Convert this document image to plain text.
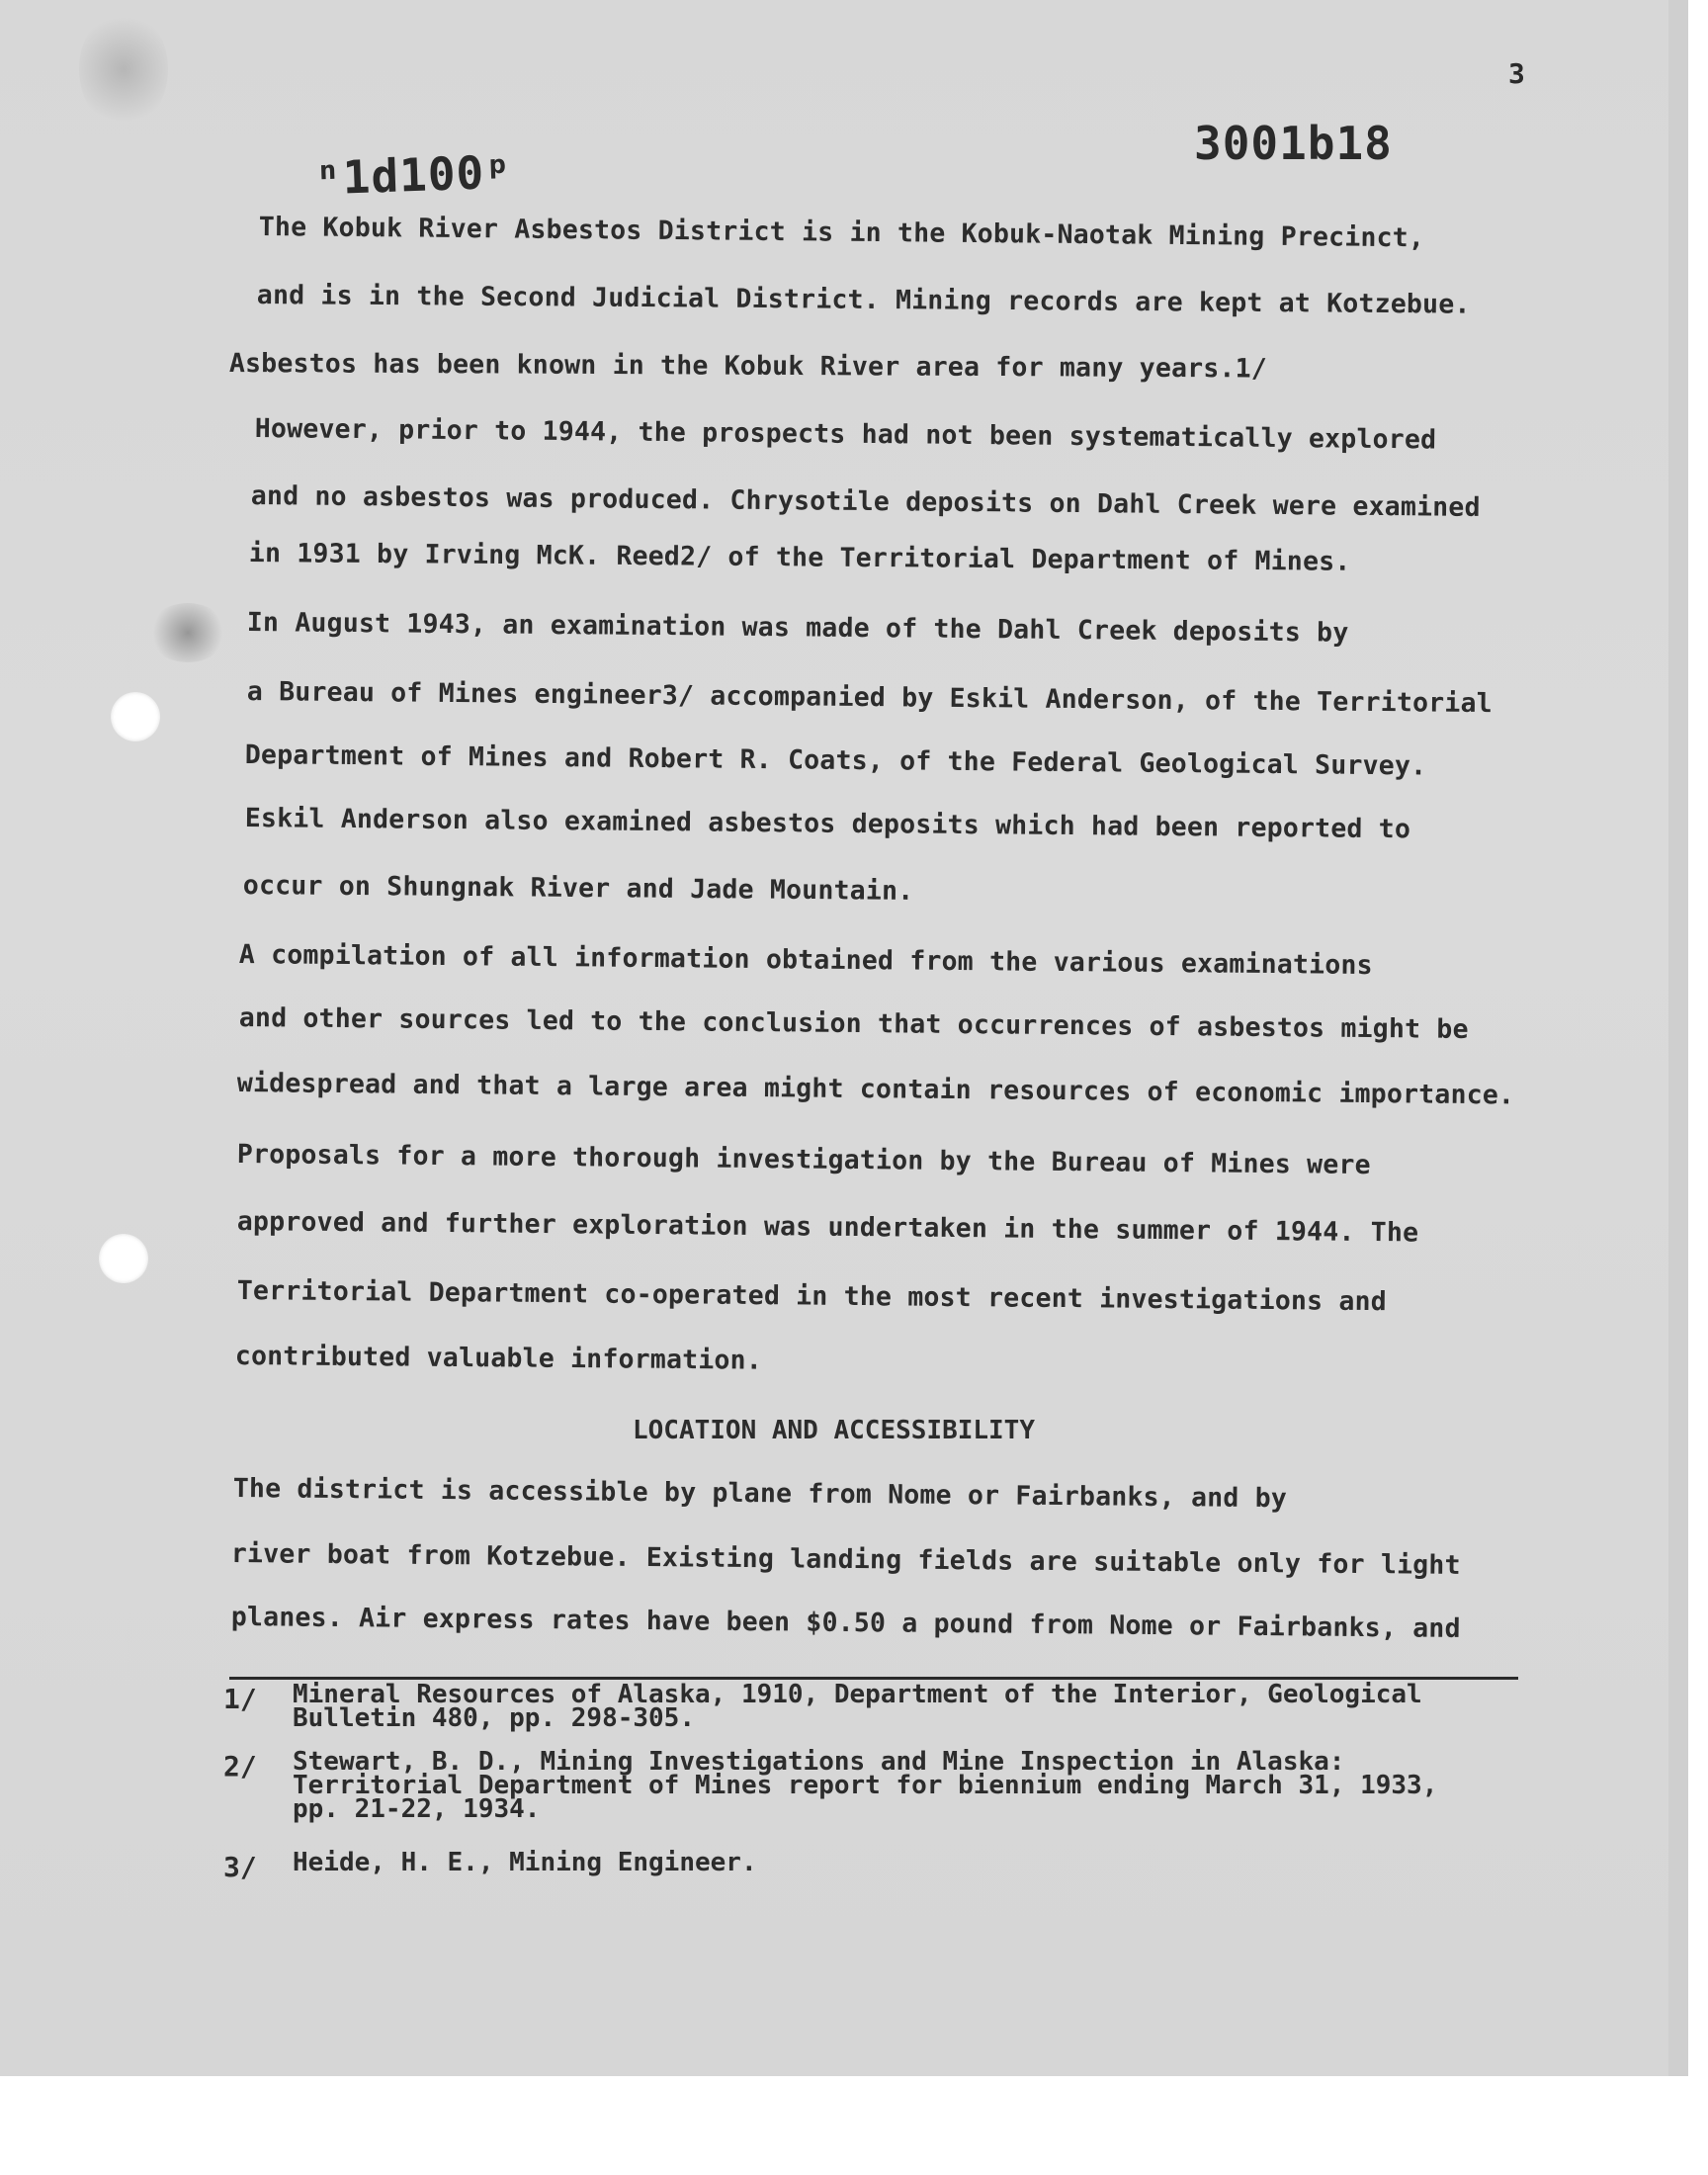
3
ⁿ1d100ᵖ
3001b18
The Kobuk River Asbestos District is in the Kobuk-Naotak Mining Precinct,
and is in the Second Judicial District. Mining records are kept at Kotzebue.
Asbestos has been known in the Kobuk River area for many years.1/
However, prior to 1944, the prospects had not been systematically explored
and no asbestos was produced. Chrysotile deposits on Dahl Creek were examined
in 1931 by Irving McK. Reed2/ of the Territorial Department of Mines.
In August 1943, an examination was made of the Dahl Creek deposits by
a Bureau of Mines engineer3/ accompanied by Eskil Anderson, of the Territorial
Department of Mines and Robert R. Coats, of the Federal Geological Survey.
Eskil Anderson also examined asbestos deposits which had been reported to
occur on Shungnak River and Jade Mountain.
A compilation of all information obtained from the various examinations
and other sources led to the conclusion that occurrences of asbestos might be
widespread and that a large area might contain resources of economic importance.
Proposals for a more thorough investigation by the Bureau of Mines were
approved and further exploration was undertaken in the summer of 1944. The
Territorial Department co-operated in the most recent investigations and
contributed valuable information.
LOCATION AND ACCESSIBILITY
The district is accessible by plane from Nome or Fairbanks, and by
river boat from Kotzebue. Existing landing fields are suitable only for light
planes. Air express rates have been $0.50 a pound from Nome or Fairbanks, and
1/ Mineral Resources of Alaska, 1910, Department of the Interior, Geological
Bulletin 480, pp. 298-305.
2/ Stewart, B. D., Mining Investigations and Mine Inspection in Alaska:
Territorial Department of Mines report for biennium ending March 31, 1933,
pp. 21-22, 1934.
3/ Heide, H. E., Mining Engineer.
